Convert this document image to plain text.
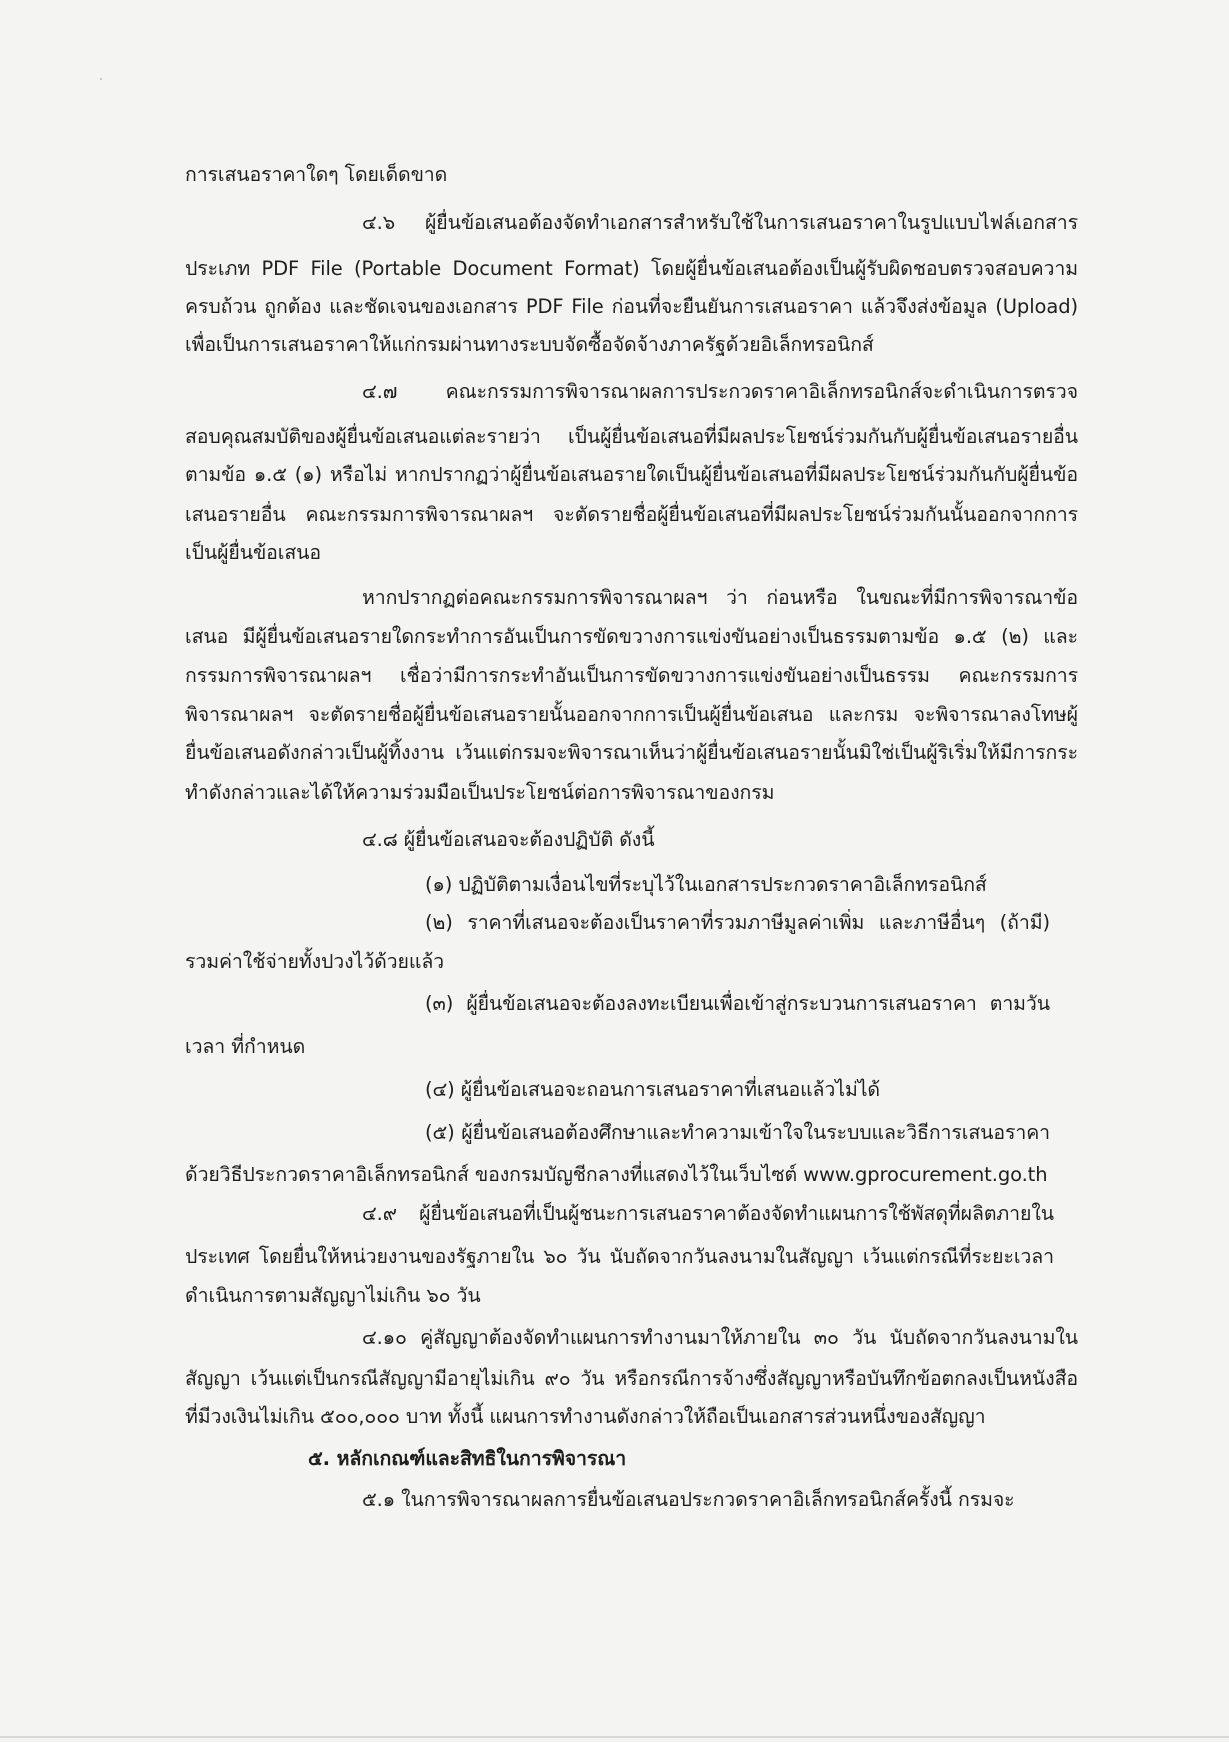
การเสนอราคาใดๆ โดยเด็ดขาด
๔.๖ ผู้ยื่นข้อเสนอต้องจัดทำเอกสารสำหรับใช้ในการเสนอราคาในรูปแบบไฟล์เอกสาร
ประเภท PDF File (Portable Document Format) โดยผู้ยื่นข้อเสนอต้องเป็นผู้รับผิดชอบตรวจสอบความ
ครบถ้วน ถูกต้อง และชัดเจนของเอกสาร PDF File ก่อนที่จะยืนยันการเสนอราคา แล้วจึงส่งข้อมูล (Upload)
เพื่อเป็นการเสนอราคาให้แก่กรมผ่านทางระบบจัดซื้อจัดจ้างภาครัฐด้วยอิเล็กทรอนิกส์
๔.๗ คณะกรรมการพิจารณาผลการประกวดราคาอิเล็กทรอนิกส์จะดำเนินการตรวจ
สอบคุณสมบัติของผู้ยื่นข้อเสนอแต่ละรายว่า เป็นผู้ยื่นข้อเสนอที่มีผลประโยชน์ร่วมกันกับผู้ยื่นข้อเสนอรายอื่น
ตามข้อ ๑.๕ (๑) หรือไม่ หากปรากฏว่าผู้ยื่นข้อเสนอรายใดเป็นผู้ยื่นข้อเสนอที่มีผลประโยชน์ร่วมกันกับผู้ยื่นข้อ
เสนอรายอื่น คณะกรรมการพิจารณาผลฯ จะตัดรายชื่อผู้ยื่นข้อเสนอที่มีผลประโยชน์ร่วมกันนั้นออกจากการ
เป็นผู้ยื่นข้อเสนอ
หากปรากฏต่อคณะกรรมการพิจารณาผลฯ ว่า ก่อนหรือ ในขณะที่มีการพิจารณาข้อ
เสนอ มีผู้ยื่นข้อเสนอรายใดกระทำการอันเป็นการขัดขวางการแข่งขันอย่างเป็นธรรมตามข้อ ๑.๕ (๒) และ
กรรมการพิจารณาผลฯ เชื่อว่ามีการกระทำอันเป็นการขัดขวางการแข่งขันอย่างเป็นธรรม คณะกรรมการ
พิจารณาผลฯ จะตัดรายชื่อผู้ยื่นข้อเสนอรายนั้นออกจากการเป็นผู้ยื่นข้อเสนอ และกรม จะพิจารณาลงโทษผู้
ยื่นข้อเสนอดังกล่าวเป็นผู้ทิ้งงาน เว้นแต่กรมจะพิจารณาเห็นว่าผู้ยื่นข้อเสนอรายนั้นมิใช่เป็นผู้ริเริ่มให้มีการกระ
ทำดังกล่าวและได้ให้ความร่วมมือเป็นประโยชน์ต่อการพิจารณาของกรม
๔.๘ ผู้ยื่นข้อเสนอจะต้องปฏิบัติ ดังนี้
(๑) ปฏิบัติตามเงื่อนไขที่ระบุไว้ในเอกสารประกวดราคาอิเล็กทรอนิกส์
(๒) ราคาที่เสนอจะต้องเป็นราคาที่รวมภาษีมูลค่าเพิ่ม และภาษีอื่นๆ (ถ้ามี)
รวมค่าใช้จ่ายทั้งปวงไว้ด้วยแล้ว
(๓) ผู้ยื่นข้อเสนอจะต้องลงทะเบียนเพื่อเข้าสู่กระบวนการเสนอราคา ตามวัน
เวลา ที่กำหนด
(๔) ผู้ยื่นข้อเสนอจะถอนการเสนอราคาที่เสนอแล้วไม่ได้
(๕) ผู้ยื่นข้อเสนอต้องศึกษาและทำความเข้าใจในระบบและวิธีการเสนอราคา
ด้วยวิธีประกวดราคาอิเล็กทรอนิกส์ ของกรมบัญชีกลางที่แสดงไว้ในเว็บไซต์ www.gprocurement.go.th
๔.๙ ผู้ยื่นข้อเสนอที่เป็นผู้ชนะการเสนอราคาต้องจัดทำแผนการใช้พัสดุที่ผลิตภายใน
ประเทศ โดยยื่นให้หน่วยงานของรัฐภายใน ๖๐ วัน นับถัดจากวันลงนามในสัญญา เว้นแต่กรณีที่ระยะเวลา
ดำเนินการตามสัญญาไม่เกิน ๖๐ วัน
๔.๑๐ คู่สัญญาต้องจัดทำแผนการทำงานมาให้ภายใน ๓๐ วัน นับถัดจากวันลงนามใน
สัญญา เว้นแต่เป็นกรณีสัญญามีอายุไม่เกิน ๙๐ วัน หรือกรณีการจ้างซึ่งสัญญาหรือบันทึกข้อตกลงเป็นหนังสือ
ที่มีวงเงินไม่เกิน ๕๐๐,๐๐๐ บาท ทั้งนี้ แผนการทำงานดังกล่าวให้ถือเป็นเอกสารส่วนหนึ่งของสัญญา
๕. หลักเกณฑ์และสิทธิในการพิจารณา
๕.๑ ในการพิจารณาผลการยื่นข้อเสนอประกวดราคาอิเล็กทรอนิกส์ครั้งนี้ กรมจะ
